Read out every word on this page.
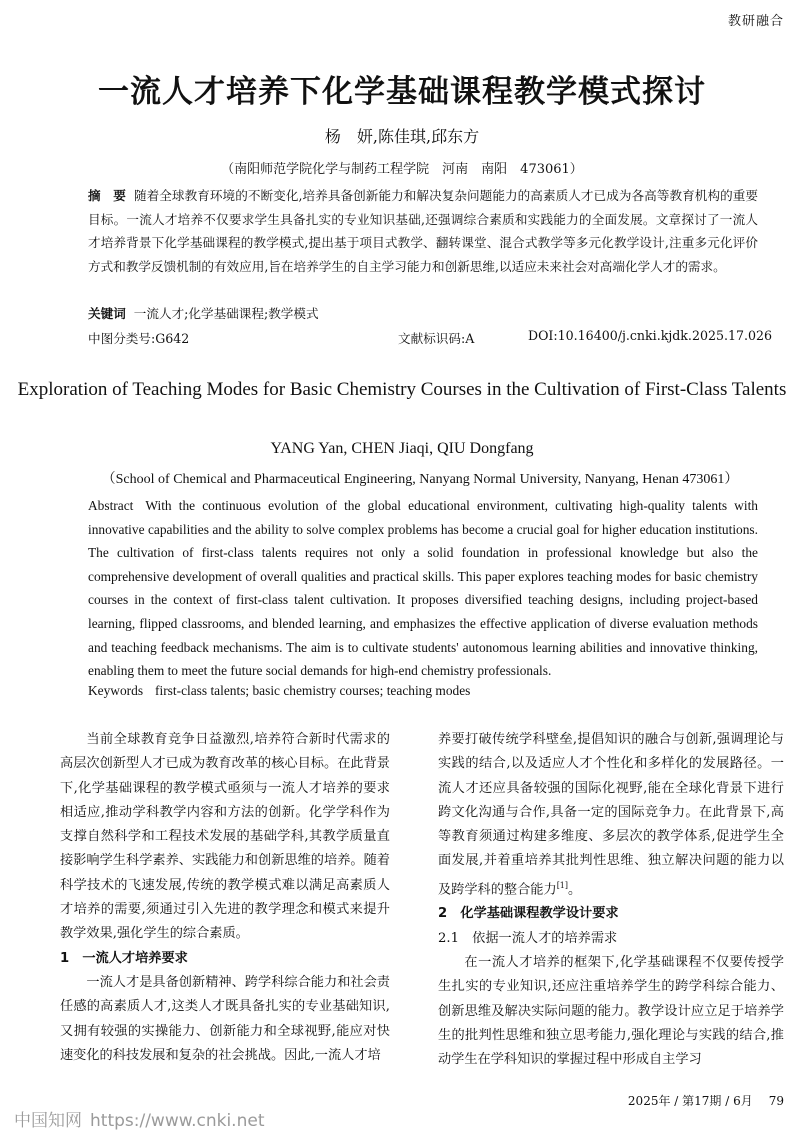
教研融合
一流人才培养下化学基础课程教学模式探讨
杨　妍,陈佳琪,邱东方
（南阳师范学院化学与制药工程学院　河南　南阳　473061）
摘　要 随着全球教育环境的不断变化,培养具备创新能力和解决复杂问题能力的高素质人才已成为各高等教育机构的重要目标。一流人才培养不仅要求学生具备扎实的专业知识基础,还强调综合素质和实践能力的全面发展。文章探讨了一流人才培养背景下化学基础课程的教学模式,提出基于项目式教学、翻转课堂、混合式教学等多元化教学设计,注重多元化评价方式和教学反馈机制的有效应用,旨在培养学生的自主学习能力和创新思维,以适应未来社会对高端化学人才的需求。
关键词 一流人才;化学基础课程;教学模式
中图分类号:G642	文献标识码:A	DOI:10.16400/j.cnki.kjdk.2025.17.026
Exploration of Teaching Modes for Basic Chemistry Courses in the Cultivation of First-Class Talents
YANG Yan, CHEN Jiaqi, QIU Dongfang
（School of Chemical and Pharmaceutical Engineering, Nanyang Normal University, Nanyang, Henan 473061）
Abstract With the continuous evolution of the global educational environment, cultivating high-quality talents with innovative capabilities and the ability to solve complex problems has become a crucial goal for higher education institutions. The cultivation of first-class talents requires not only a solid foundation in professional knowledge but also the comprehensive development of overall qualities and practical skills. This paper explores teaching modes for basic chemistry courses in the context of first-class talent cultivation. It proposes diversified teaching designs, including project-based learning, flipped classrooms, and blended learning, and emphasizes the effective application of diverse evaluation methods and teaching feedback mechanisms. The aim is to cultivate students' autonomous learning abilities and innovative thinking, enabling them to meet the future social demands for high-end chemistry professionals.
Keywords first-class talents; basic chemistry courses; teaching modes

当前全球教育竞争日益激烈,培养符合新时代需求的高层次创新型人才已成为教育改革的核心目标。在此背景下,化学基础课程的教学模式亟须与一流人才培养的要求相适应,推动学科教学内容和方法的创新。化学学科作为支撑自然科学和工程技术发展的基础学科,其教学质量直接影响学生科学素养、实践能力和创新思维的培养。随着科学技术的飞速发展,传统的教学模式难以满足高素质人才培养的需要,须通过引入先进的教学理念和模式来提升教学效果,强化学生的综合素质。

1　一流人才培养要求

一流人才是具备创新精神、跨学科综合能力和社会责任感的高素质人才,这类人才既具备扎实的专业基础知识,又拥有较强的实操能力、创新能力和全球视野,能应对快速变化的科技发展和复杂的社会挑战。因此,一流人才培

养要打破传统学科壁垒,提倡知识的融合与创新,强调理论与实践的结合,以及适应人才个性化和多样化的发展路径。一流人才还应具备较强的国际化视野,能在全球化背景下进行跨文化沟通与合作,具备一定的国际竞争力。在此背景下,高等教育须通过构建多维度、多层次的教学体系,促进学生全面发展,并着重培养其批判性思维、独立解决问题的能力以及跨学科的整合能力[1]。

2　化学基础课程教学设计要求

2.1　依据一流人才的培养需求

在一流人才培养的框架下,化学基础课程不仅要传授学生扎实的专业知识,还应注重培养学生的跨学科综合能力、创新思维及解决实际问题的能力。教学设计应立足于培养学生的批判性思维和独立思考能力,强化理论与实践的结合,推动学生在学科知识的掌握过程中形成自主学习

2025年 / 第17期 / 6月 79
中国知网 https://www.cnki.net
